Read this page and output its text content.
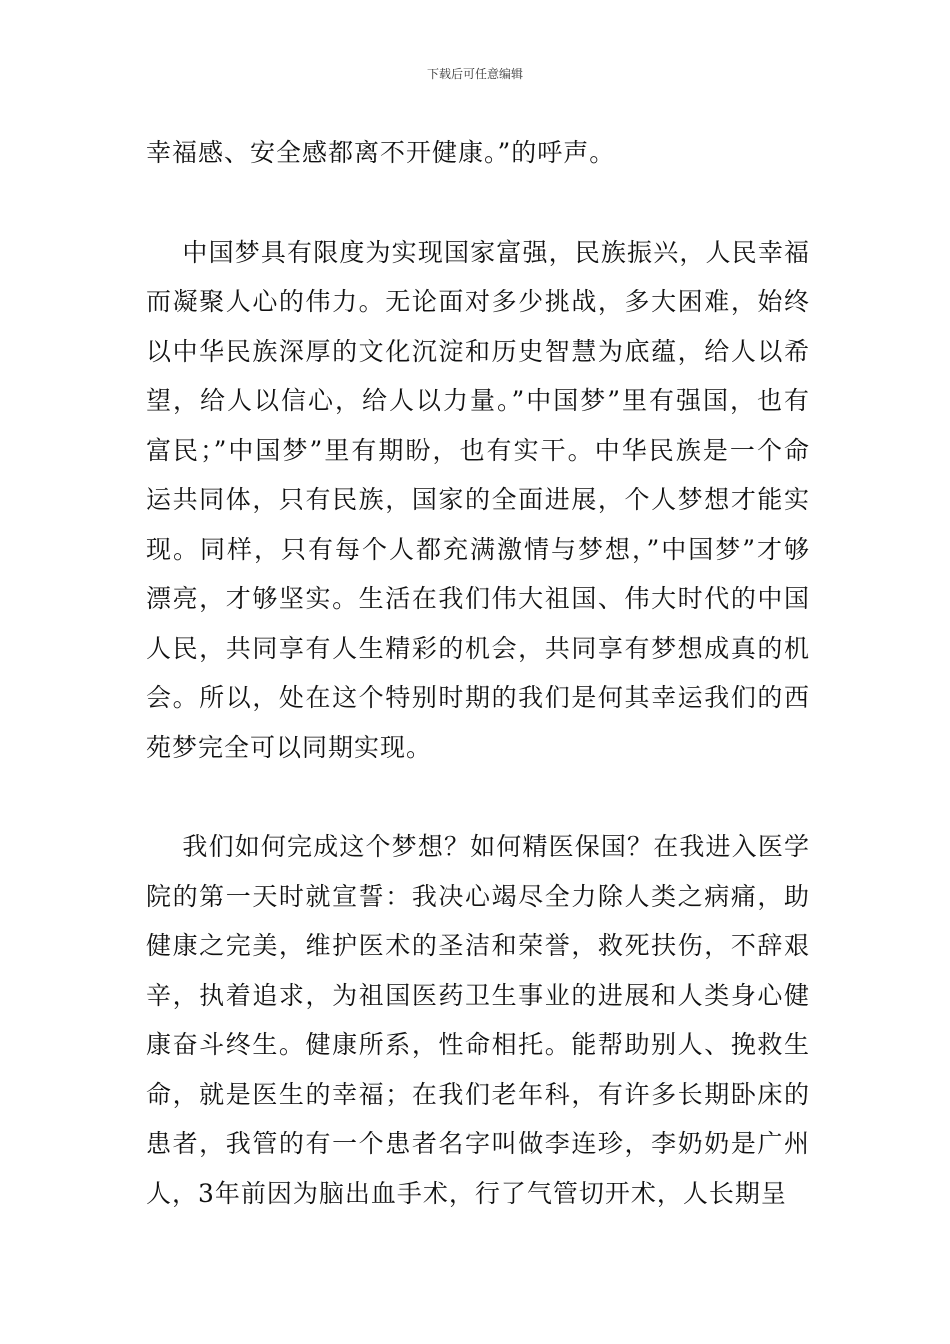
下载后可任意编辑

幸福感、安全感都离不开健康。”的呼声。

中国梦具有限度为实现国家富强，民族振兴，人民幸福而凝聚人心的伟力。无论面对多少挑战，多大困难，始终以中华民族深厚的文化沉淀和历史智慧为底蕴，给人以希望，给人以信心，给人以力量。”中国梦”里有强国，也有富民；”中国梦”里有期盼，也有实干。中华民族是一个命运共同体，只有民族，国家的全面进展，个人梦想才能实现。同样，只有每个人都充满激情与梦想，”中国梦”才够漂亮，才够坚实。生活在我们伟大祖国、伟大时代的中国人民，共同享有人生精彩的机会，共同享有梦想成真的机会。所以，处在这个特别时期的我们是何其幸运我们的西苑梦完全可以同期实现。

我们如何完成这个梦想？如何精医保国？在我进入医学院的第一天时就宣誓：我决心竭尽全力除人类之病痛，助健康之完美，维护医术的圣洁和荣誉，救死扶伤，不辞艰辛，执着追求，为祖国医药卫生事业的进展和人类身心健康奋斗终生。健康所系，性命相托。能帮助别人、挽救生命，就是医生的幸福；在我们老年科，有许多长期卧床的患者，我管的有一个患者名字叫做李连珍，李奶奶是广州人，3年前因为脑出血手术，行了气管切开术，人长期呈
